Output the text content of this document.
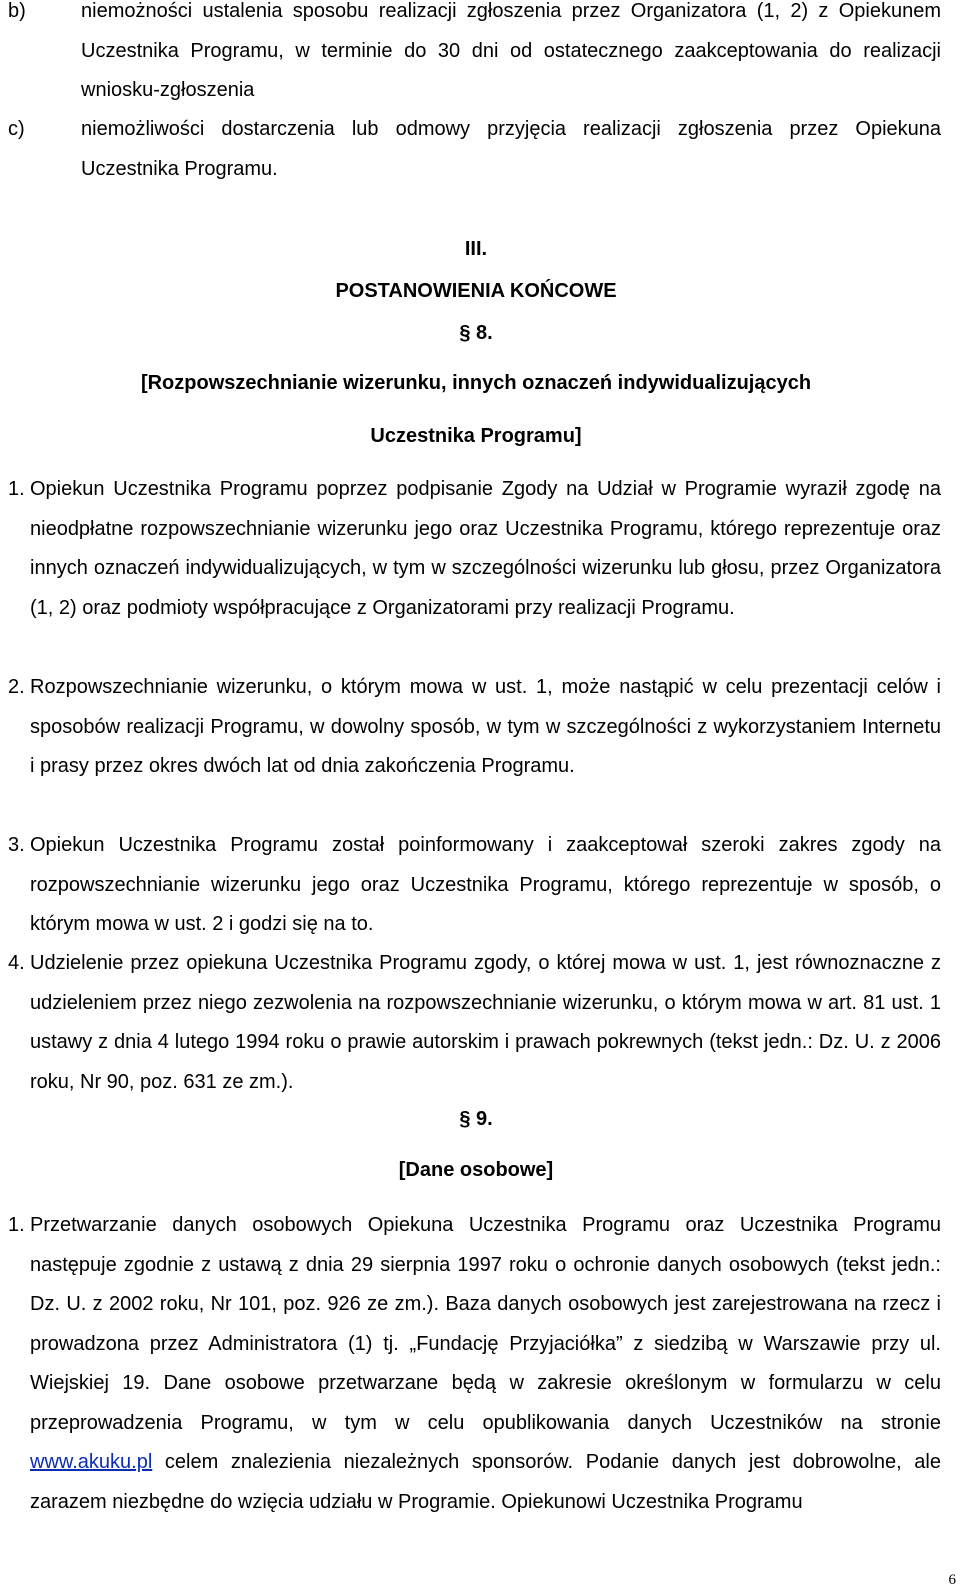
b)	niemożności ustalenia sposobu realizacji zgłoszenia przez Organizatora (1, 2) z Opiekunem Uczestnika Programu, w terminie do 30 dni od ostatecznego zaakceptowania do realizacji wniosku-zgłoszenia
c)	niemożliwości dostarczenia lub odmowy przyjęcia realizacji zgłoszenia przez Opiekuna Uczestnika Programu.
III.
POSTANOWIENIA KOŃCOWE
§ 8.
[Rozpowszechnianie wizerunku, innych oznaczeń indywidualizujących
Uczestnika Programu]
1. Opiekun Uczestnika Programu poprzez podpisanie Zgody na Udział w Programie wyraził zgodę na nieodpłatne rozpowszechnianie wizerunku jego oraz Uczestnika Programu, którego reprezentuje oraz innych oznaczeń indywidualizujących, w tym w szczególności wizerunku lub głosu, przez Organizatora (1, 2) oraz podmioty współpracujące z Organizatorami przy realizacji Programu.
2. Rozpowszechnianie wizerunku, o którym mowa w ust. 1, może nastąpić w celu prezentacji celów i sposobów realizacji Programu, w dowolny sposób, w tym w szczególności z wykorzystaniem Internetu i prasy przez okres dwóch lat od dnia zakończenia Programu.
3. Opiekun Uczestnika Programu został poinformowany i zaakceptował szeroki zakres zgody na rozpowszechnianie wizerunku jego oraz Uczestnika Programu, którego reprezentuje w sposób, o którym mowa w ust. 2 i godzi się na to.
4. Udzielenie przez opiekuna Uczestnika Programu zgody, o której mowa w ust. 1, jest równoznaczne z udzieleniem przez niego zezwolenia na rozpowszechnianie wizerunku, o którym mowa w art. 81 ust. 1 ustawy z dnia 4 lutego 1994 roku o prawie autorskim i prawach pokrewnych (tekst jedn.: Dz. U. z 2006 roku, Nr 90, poz. 631 ze zm.).
§ 9.
[Dane osobowe]
1. Przetwarzanie danych osobowych Opiekuna Uczestnika Programu oraz Uczestnika Programu następuje zgodnie z ustawą z dnia 29 sierpnia 1997 roku o ochronie danych osobowych (tekst jedn.: Dz. U. z 2002 roku, Nr 101, poz. 926 ze zm.). Baza danych osobowych jest zarejestrowana na rzecz i prowadzona przez Administratora (1) tj. „Fundację Przyjaciółka” z siedzibą w Warszawie przy ul. Wiejskiej 19. Dane osobowe przetwarzane będą w zakresie określonym w formularzu w celu przeprowadzenia Programu, w tym w celu opublikowania danych Uczestników na stronie www.akuku.pl celem znalezienia niezależnych sponsorów. Podanie danych jest dobrowolne, ale zarazem niezbędne do wzięcia udziału w Programie. Opiekunowi Uczestnika Programu
6
